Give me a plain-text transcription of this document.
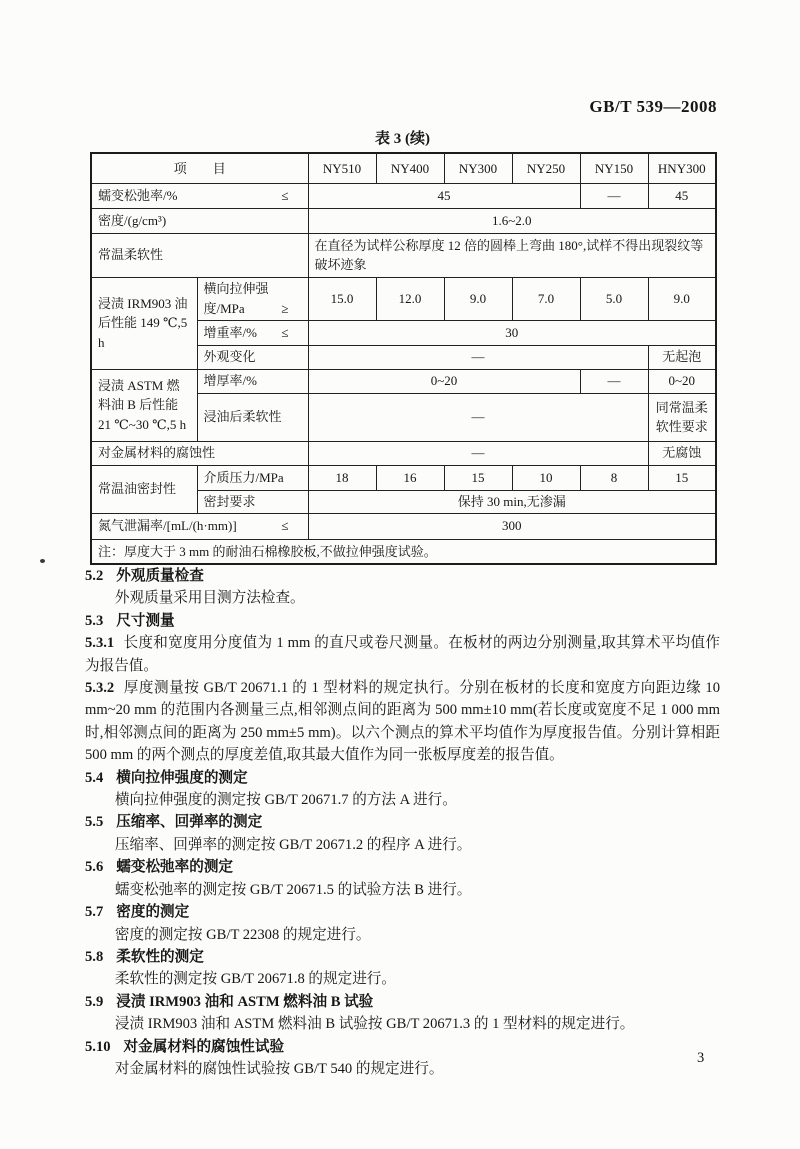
GB/T 539—2008
表 3 (续)
项　　目		NY510	NY400	NY300	NY250	NY150	HNY300

蠕变松弛率/% ≤		45				—	45
密度/(g/cm³)		1.6~2.0					
常温柔软性		在直径为试样公称厚度 12 倍的圆棒上弯曲 180°,试样不得出现裂纹等破坏迹象					
浸渍 IRM903 油后性能 149 ℃,5 h	横向拉伸强度/MPa ≥	15.0	12.0	9.0	7.0	5.0	9.0

	增重率/% ≤	30					
	外观变化	—					无起泡
浸渍 ASTM 燃料油 B 后性能 21 ℃~30 ℃,5 h	增厚率/%	0~20				—	0~20
	浸油后柔软性	—					同常温柔软性要求
对金属材料的腐蚀性		—					无腐蚀
常温油密封性	介质压力/MPa	18	16	15	10	8	15
	密封要求	保持 30 min,无渗漏					

氮气泄漏率/[mL/(h·mm)] ≤		300					
注：厚度大于 3 mm 的耐油石棉橡胶板,不做拉伸强度试验。							
5.2 外观质量检查

外观质量采用目测方法检查。

5.3 尺寸测量

5.3.1 长度和宽度用分度值为 1 mm 的直尺或卷尺测量。在板材的两边分别测量,取其算术平均值作为报告值。

5.3.2 厚度测量按 GB/T 20671.1 的 1 型材料的规定执行。分别在板材的长度和宽度方向距边缘 10 mm~20 mm 的范围内各测量三点,相邻测点间的距离为 500 mm±10 mm(若长度或宽度不足 1 000 mm 时,相邻测点间的距离为 250 mm±5 mm)。以六个测点的算术平均值作为厚度报告值。分别计算相距 500 mm 的两个测点的厚度差值,取其最大值作为同一张板厚度差的报告值。

5.4 横向拉伸强度的测定

横向拉伸强度的测定按 GB/T 20671.7 的方法 A 进行。

5.5 压缩率、回弹率的测定

压缩率、回弹率的测定按 GB/T 20671.2 的程序 A 进行。

5.6 蠕变松弛率的测定

蠕变松弛率的测定按 GB/T 20671.5 的试验方法 B 进行。

5.7 密度的测定

密度的测定按 GB/T 22308 的规定进行。

5.8 柔软性的测定

柔软性的测定按 GB/T 20671.8 的规定进行。

5.9 浸渍 IRM903 油和 ASTM 燃料油 B 试验

浸渍 IRM903 油和 ASTM 燃料油 B 试验按 GB/T 20671.3 的 1 型材料的规定进行。

5.10 对金属材料的腐蚀性试验

对金属材料的腐蚀性试验按 GB/T 540 的规定进行。

3
